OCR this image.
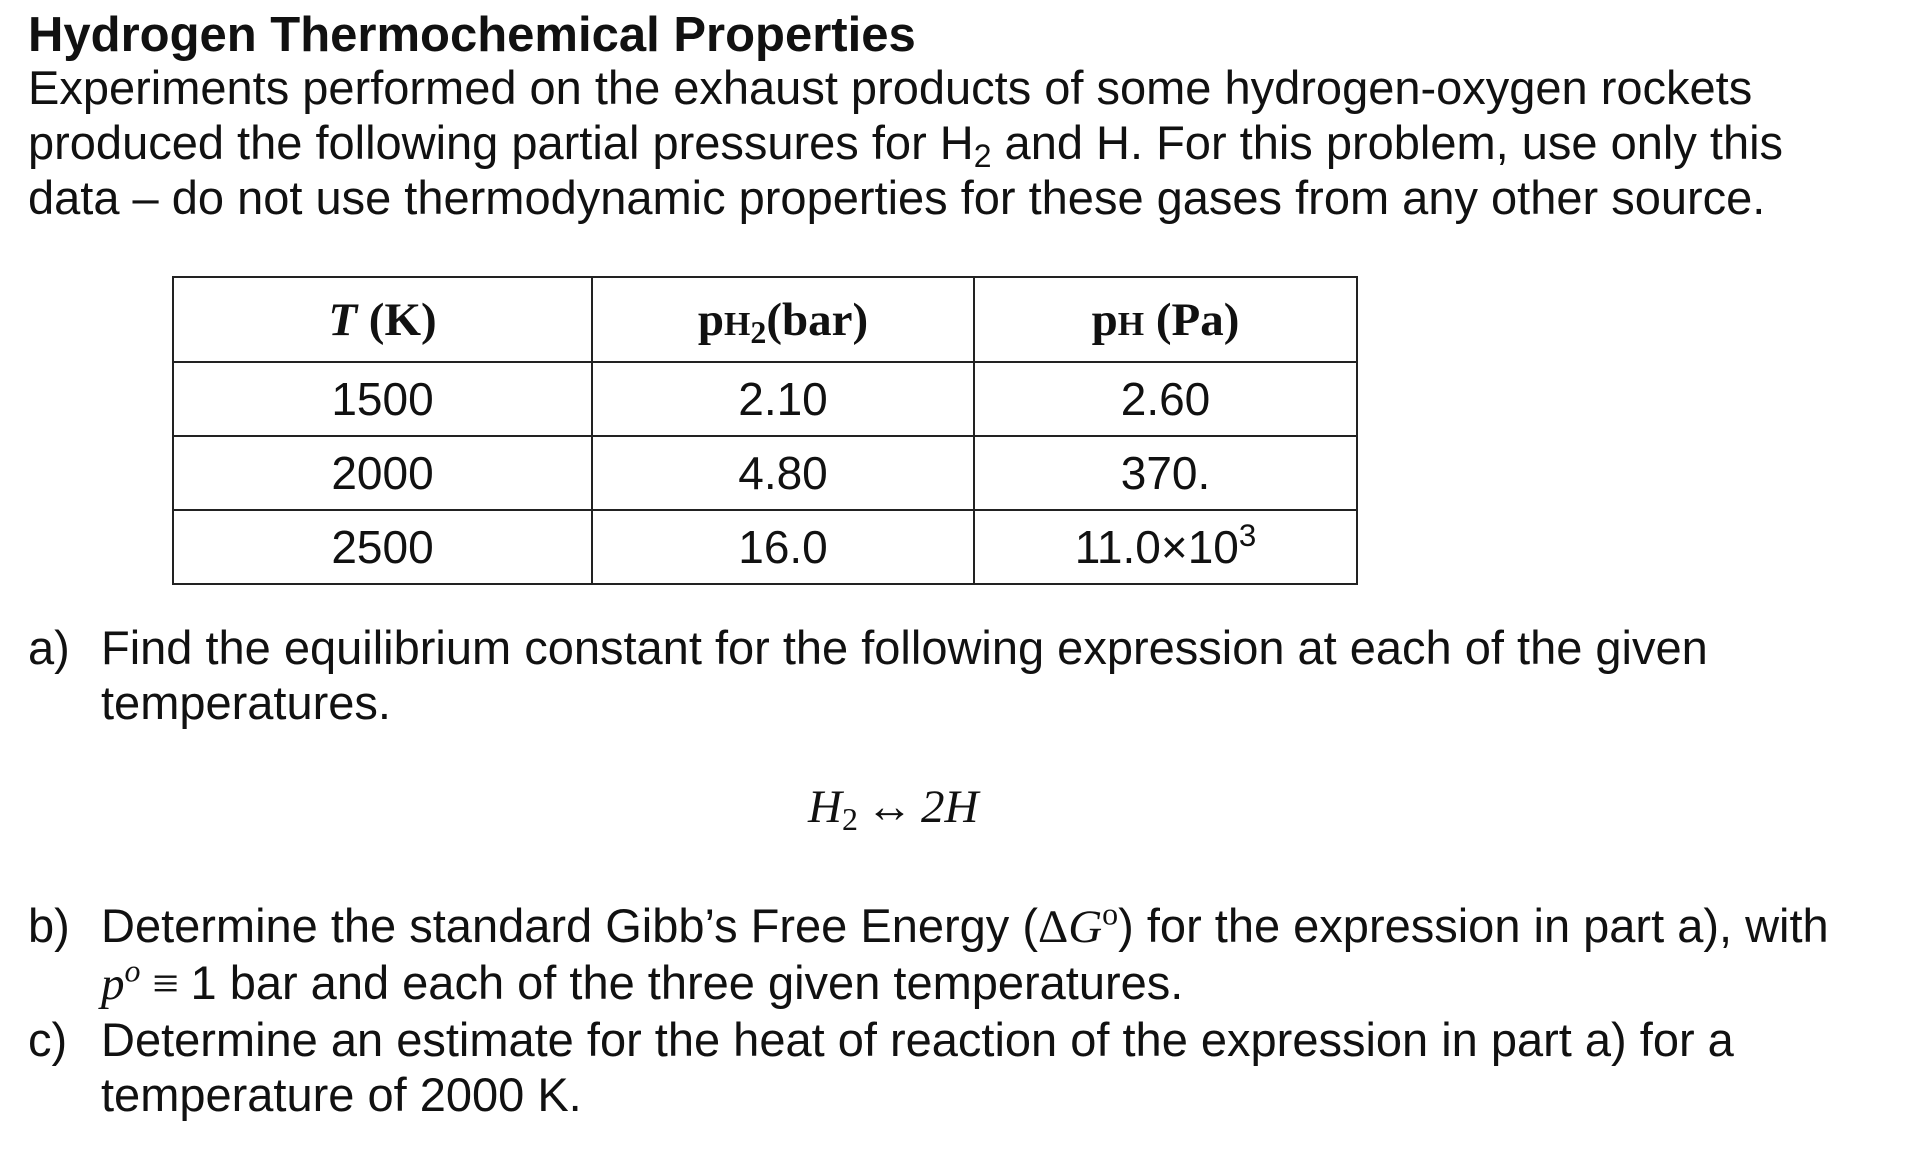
Hydrogen Thermochemical Properties
Experiments performed on the exhaust products of some hydrogen-oxygen rockets
produced the following partial pressures for $H_2$ and H. For this problem, use only this
data – do not use thermodynamic properties for these gases from any other source.
T (K)	$pH_2(bar)$	pH (Pa)
1500	2.10	2.60
2000	4.80	370.
2500	16.0	$11.0\times 10^3$
a) Find the equilibrium constant for the following expression at each of the given
temperatures.
$H_2$ ↔ 2H
b) Determine the standard Gibb’s Free Energy $(\Delta G^o)$ for the expression in part a), with
$p^o \equiv 1$ bar and each of the three given temperatures.
c) Determine an estimate for the heat of reaction of the expression in part a) for a
temperature of 2000 K.
